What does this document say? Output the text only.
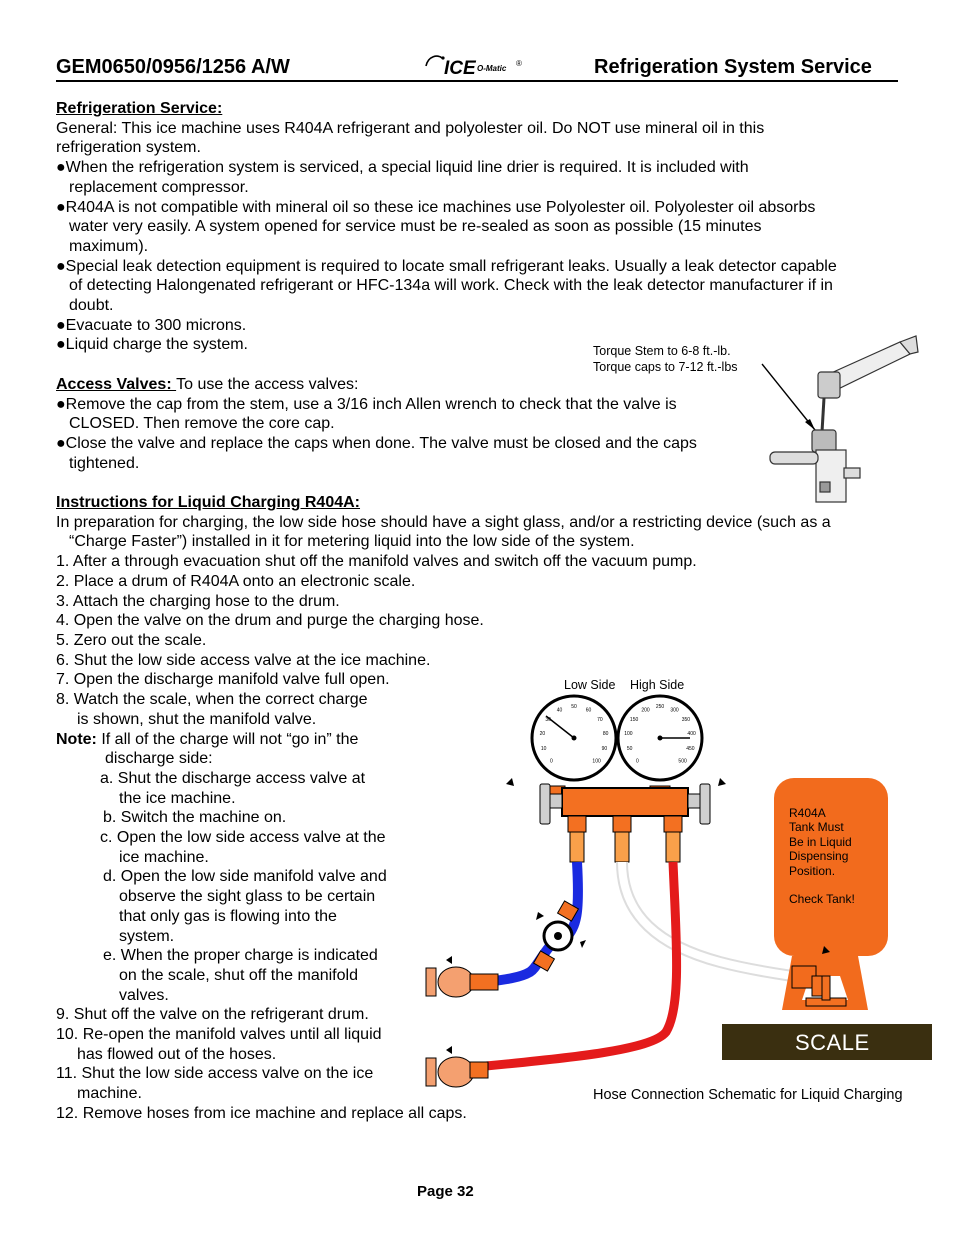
GEM0650/0956/1256 A/W	ICE O-Matic
®	Refrigeration System Service
Refrigeration Service:
General: This ice machine uses R404A refrigerant and polyolester oil. Do NOT use mineral oil in this
refrigeration system.
●When the refrigeration system is serviced, a special liquid line drier is required. It is included with
replacement compressor.
●R404A is not compatible with mineral oil so these ice machines use Polyolester oil. Polyolester oil absorbs
water very easily. A system opened for service must be re-sealed as soon as possible (15 minutes
maximum).
●Special leak detection equipment is required to locate small refrigerant leaks. Usually a leak detector capable
of detecting Halongenated refrigerant or HFC-134a will work. Check with the leak detector manufacturer if in
doubt.
●Evacuate to 300 microns.
●Liquid charge the system.

Access Valves: To use the access valves:
●Remove the cap from the stem, use a 3/16 inch Allen wrench to check that the valve is
CLOSED. Then remove the core cap.
●Close the valve and replace the caps when done. The valve must be closed and the caps
tightened.

Instructions for Liquid Charging R404A:
In preparation for charging, the low side hose should have a sight glass, and/or a restricting device (such as a
“Charge Faster”) installed in it for metering liquid into the low side of the system.
1. After a through evacuation shut off the manifold valves and switch off the vacuum pump.
2. Place a drum of R404A onto an electronic scale.
3. Attach the charging hose to the drum.
4. Open the valve on the drum and purge the charging hose.
5. Zero out the scale.
6. Shut the low side access valve at the ice machine.
7. Open the discharge manifold valve full open.
8. Watch the scale, when the correct charge
is shown, shut the manifold valve.
Note: If all of the charge will not “go in” the
discharge side:
a. Shut the discharge access valve at
the ice machine.
b. Switch the machine on.
c. Open the low side access valve at the
ice machine.
d. Open the low side manifold valve and
observe the sight glass to be certain
that only gas is flowing into the
system.
e. When the proper charge is indicated
on the scale, shut off the manifold
valves.
9. Shut off the valve on the refrigerant drum.
10. Re-open the manifold valves until all liquid
has flowed out of the hoses.
11. Shut the low side access valve on the ice
machine.
12. Remove hoses from ice machine and replace all caps.
Torque Stem to 6-8 ft.-lb.
Torque caps to 7-12 ft.-lbs
0
10
20
30
40
50
60
70
80
90
100	0
50
100
150
200
250
300
350
400
450
500
Low Side High Side
R404A
Tank Must
Be in Liquid
Dispensing
Position.
Check Tank!
SCALE
Hose Connection Schematic for Liquid Charging
Page 32
